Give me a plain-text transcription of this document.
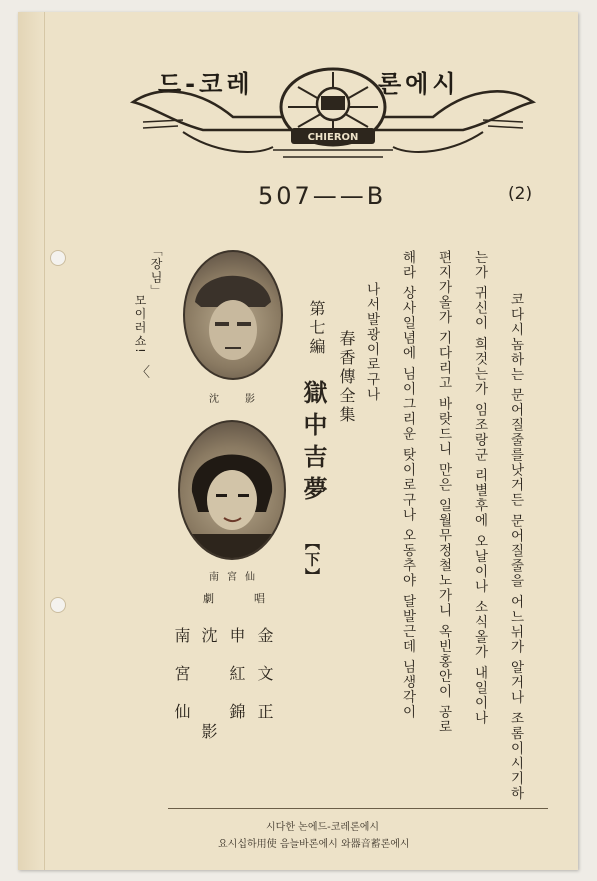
CHIERON
드-코레	론에시
507——B	(2)
코다시놈하는 문어질줄를낫거든 문어질줄을 어느뉘가 알거나 조롬이시기하
는가 귀신이 희것는가 임조랑군 리별후에 오날이나 소식올가 내일이나
편지가올가 기다리고 바랏드니 만은 일월무정철노가니 옥빈홍안이 공로
해라 상사일념에 님이그리운 탓이로구나 오동추야 달발근데 님생각이
나서발광이로구나
春香傳全集
第七編
獄中吉夢
【下】
沈　影
南宮仙
劇　　唱
金文正
申紅錦
沈影
南宮仙
「장님」
모이러쇼!
〈
시다한 논에드-코레론에시
요시십하用使 음늘바론에시 와器音蓄론에시
